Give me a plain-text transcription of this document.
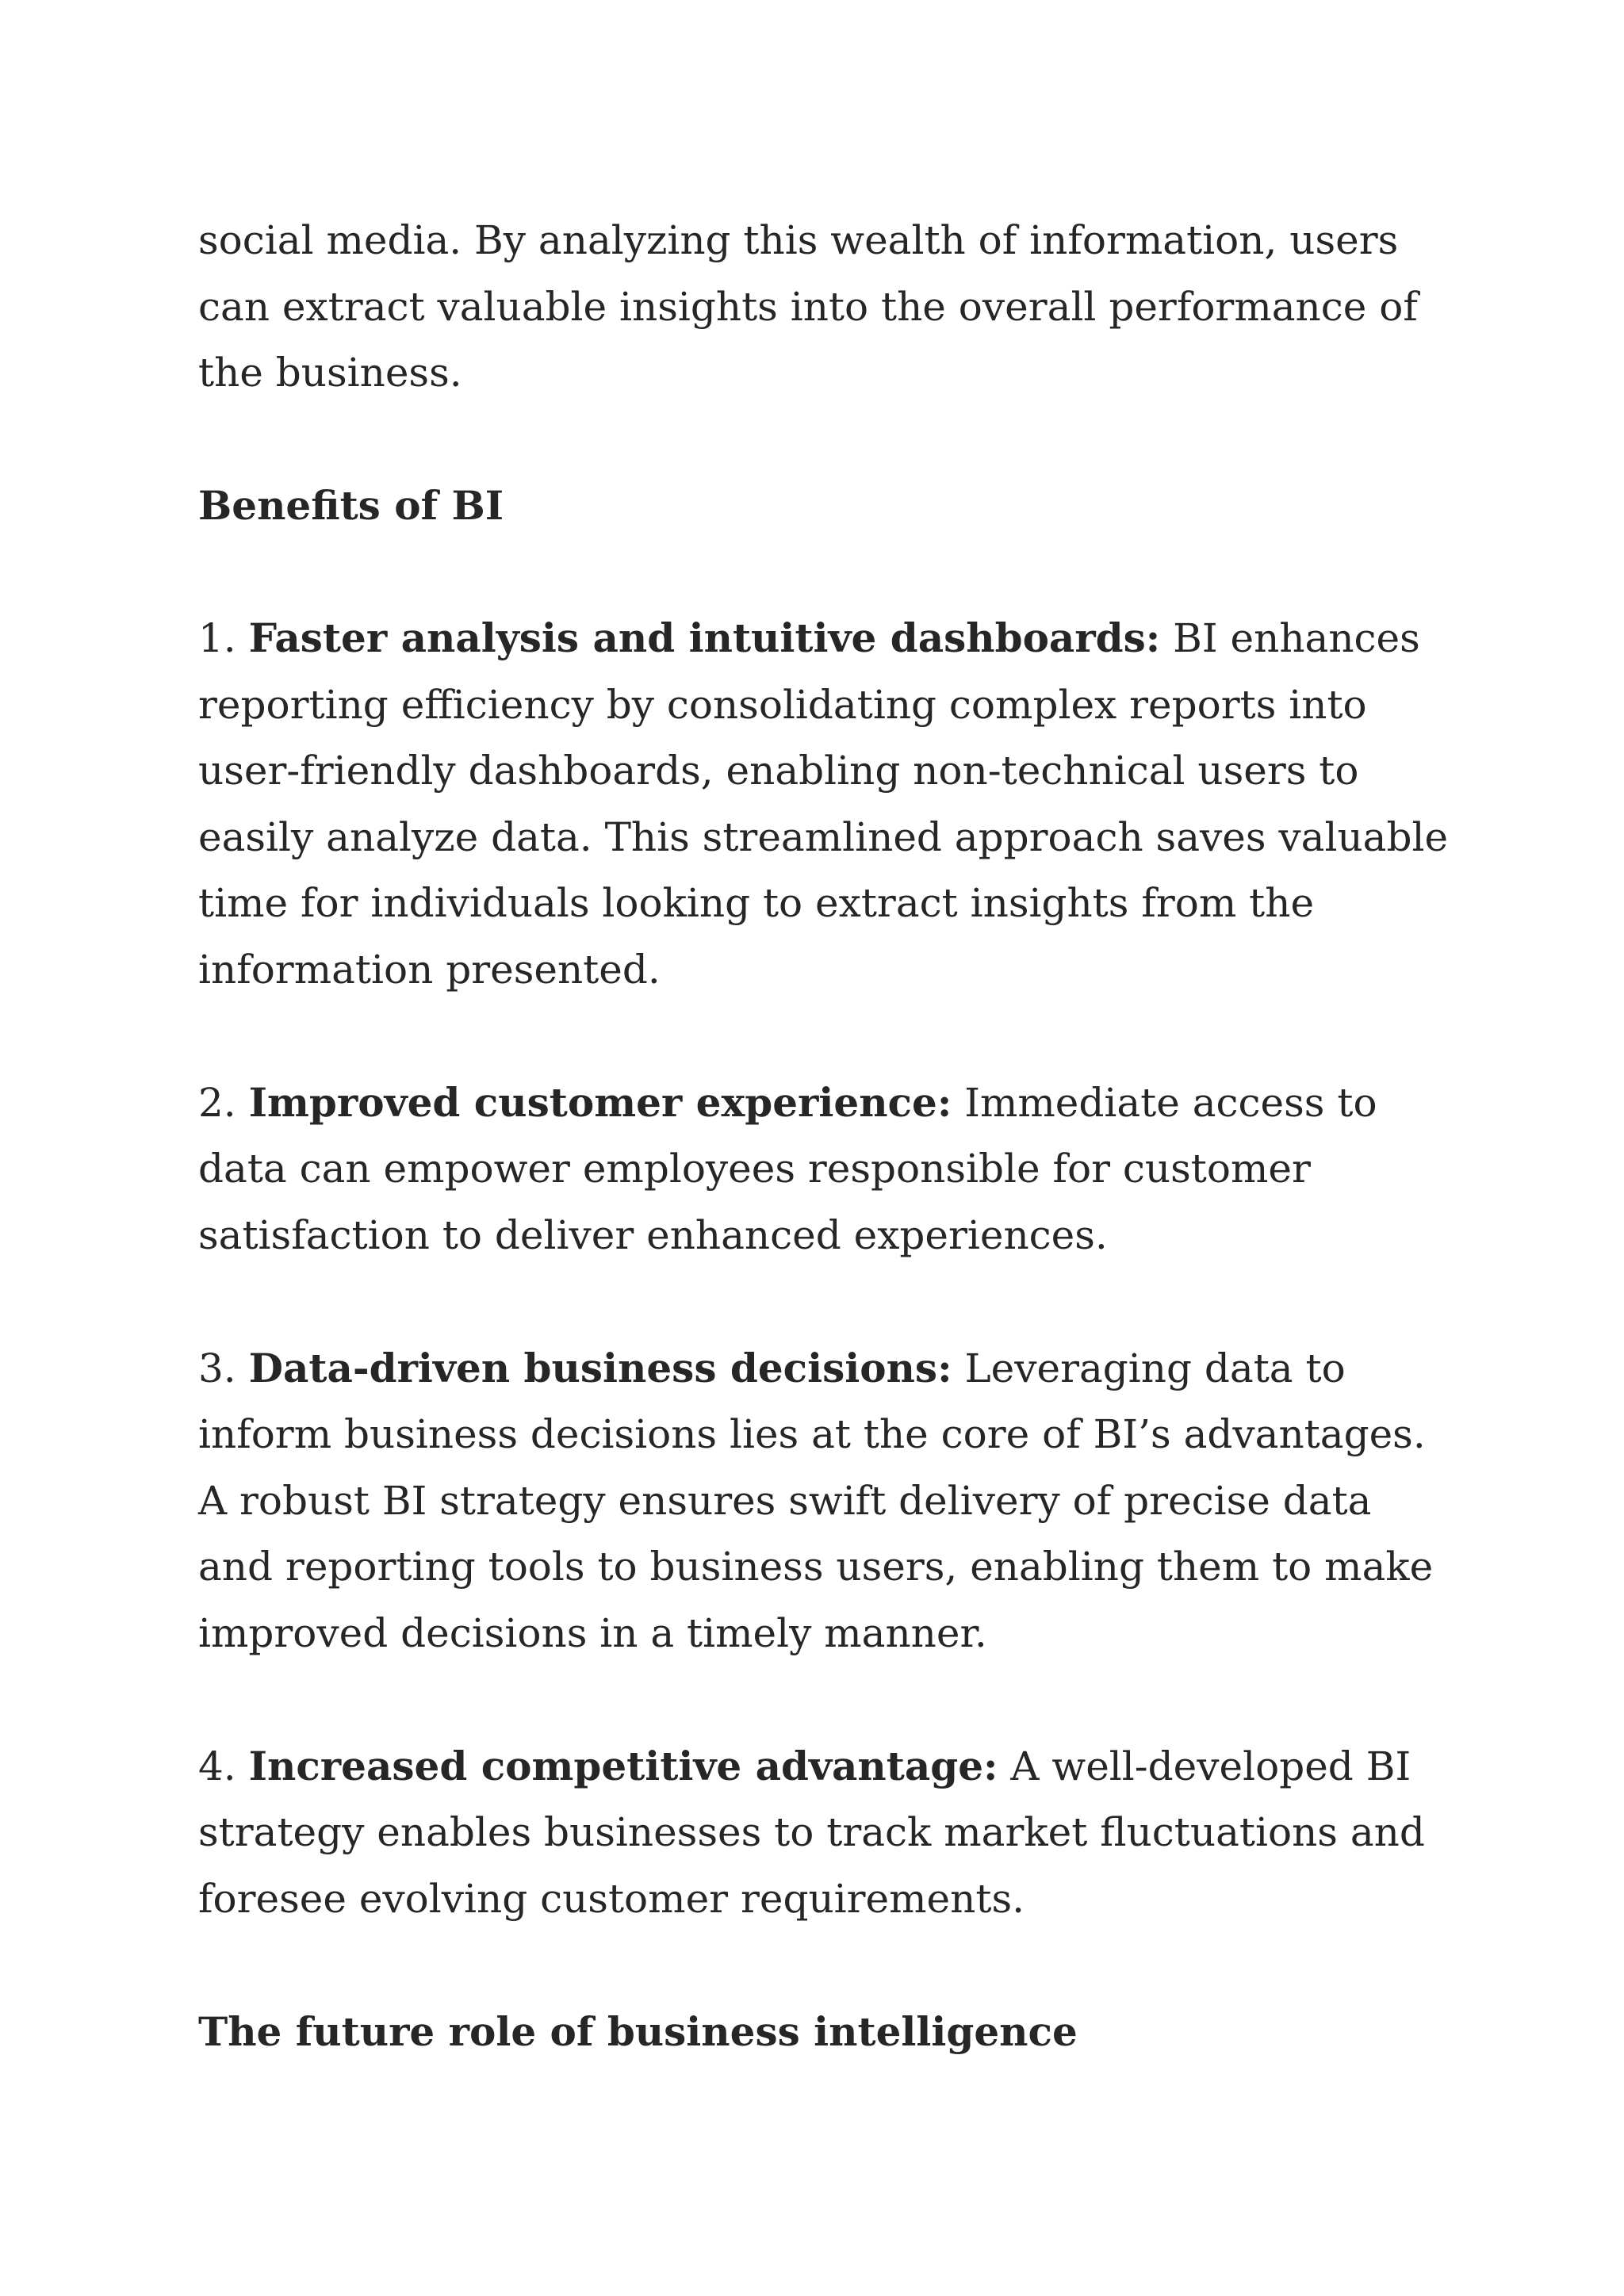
social media. By analyzing this wealth of information, users can extract valuable insights into the overall performance of the business.

Benefits of BI

1. Faster analysis and intuitive dashboards: BI enhances reporting efficiency by consolidating complex reports into user-friendly dashboards, enabling non-technical users to easily analyze data. This streamlined approach saves valuable time for individuals looking to extract insights from the information presented.

2. Improved customer experience: Immediate access to data can empower employees responsible for customer satisfaction to deliver enhanced experiences.

3. Data-driven business decisions: Leveraging data to inform business decisions lies at the core of BI’s advantages. A robust BI strategy ensures swift delivery of precise data and reporting tools to business users, enabling them to make improved decisions in a timely manner.

4. Increased competitive advantage: A well-developed BI strategy enables businesses to track market fluctuations and foresee evolving customer requirements.

The future role of business intelligence
